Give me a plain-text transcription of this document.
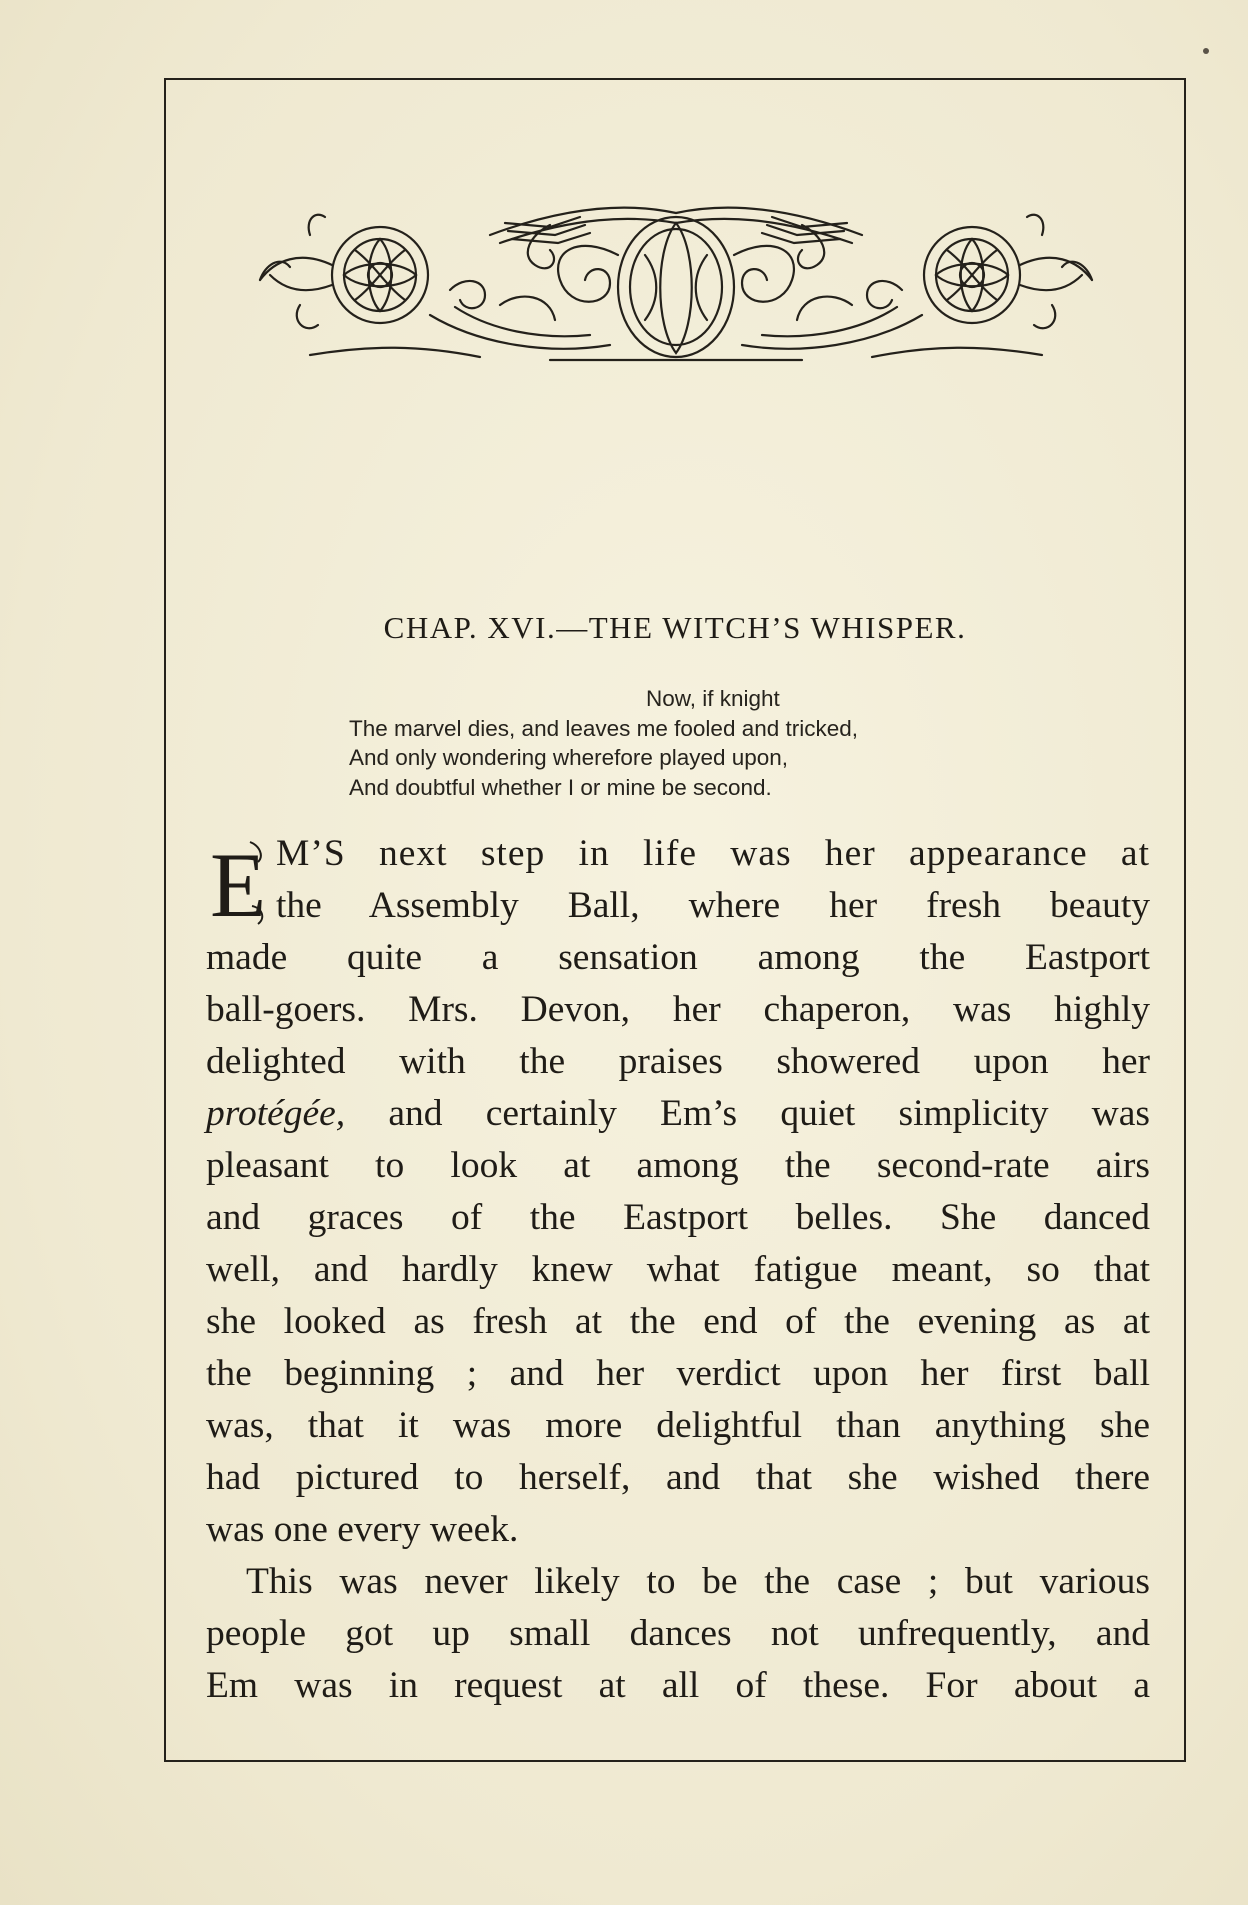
CHAP. XVI.—THE WITCH’S WHISPER.
Now, if knight
The marvel dies, and leaves me fooled and tricked,
And only wondering wherefore played upon,
And doubtful whether I or mine be second.

E M’S next step in life was her appearance at
the Assembly Ball, where her fresh beauty
made quite a sensation among the Eastport
ball-goers. Mrs. Devon, her chaperon, was highly
delighted with the praises showered upon her
protégée, and certainly Em’s quiet simplicity was
pleasant to look at among the second-rate airs
and graces of the Eastport belles. She danced
well, and hardly knew what fatigue meant, so that
she looked as fresh at the end of the evening as at
the beginning ; and her verdict upon her first ball
was, that it was more delightful than anything she
had pictured to herself, and that she wished there
was one every week.

This was never likely to be the case ; but various
people got up small dances not unfrequently, and
Em was in request at all of these. For about a
